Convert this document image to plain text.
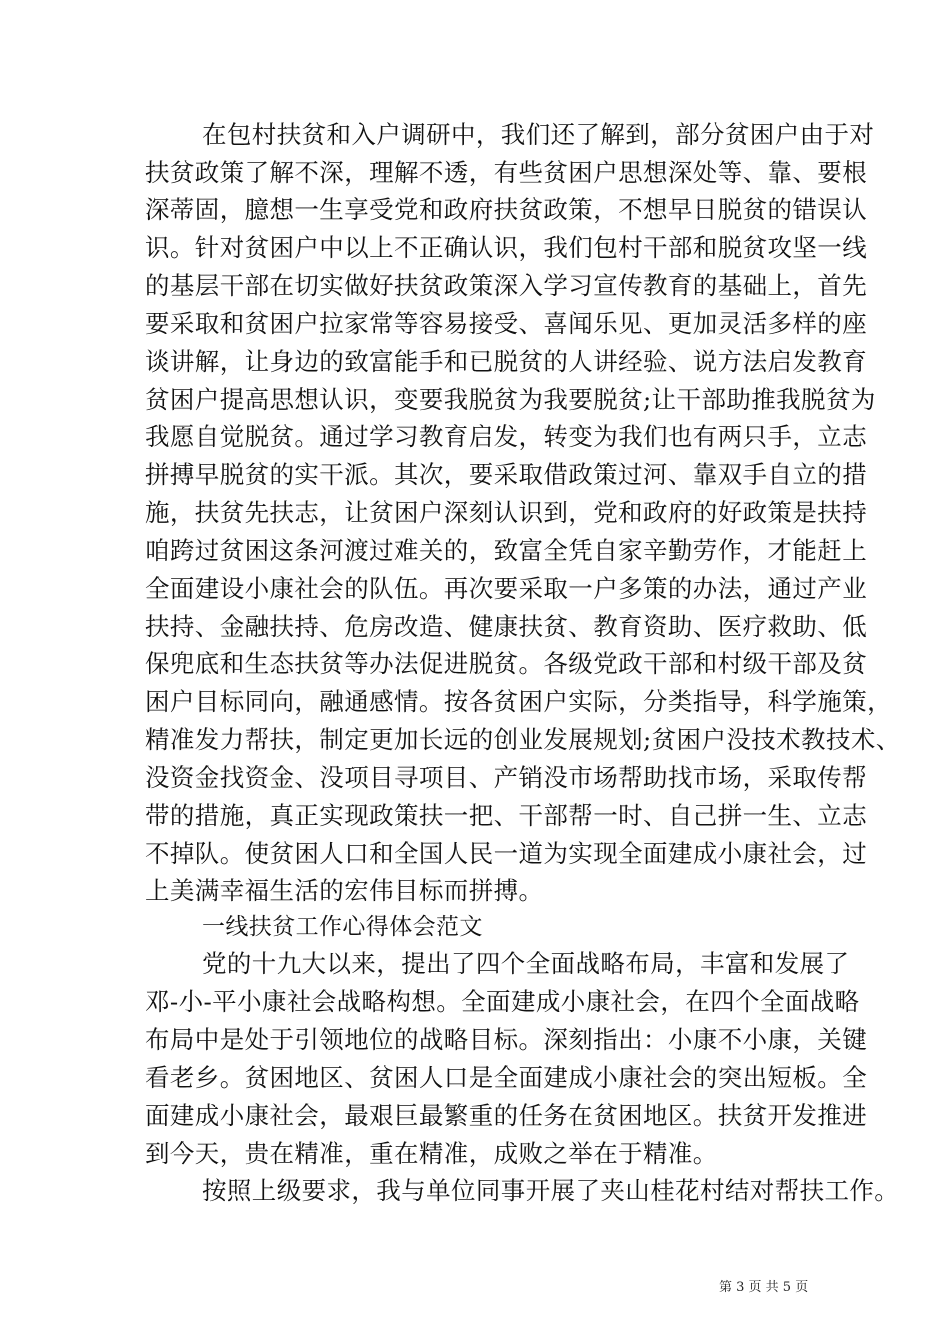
在包村扶贫和入户调研中，我们还了解到，部分贫困户由于对
扶贫政策了解不深，理解不透，有些贫困户思想深处等、靠、要根
深蒂固，臆想一生享受党和政府扶贫政策，不想早日脱贫的错误认
识。针对贫困户中以上不正确认识，我们包村干部和脱贫攻坚一线
的基层干部在切实做好扶贫政策深入学习宣传教育的基础上，首先
要采取和贫困户拉家常等容易接受、喜闻乐见、更加灵活多样的座
谈讲解，让身边的致富能手和已脱贫的人讲经验、说方法启发教育
贫困户提高思想认识，变要我脱贫为我要脱贫;让干部助推我脱贫为
我愿自觉脱贫。通过学习教育启发，转变为我们也有两只手，立志
拼搏早脱贫的实干派。其次，要采取借政策过河、靠双手自立的措
施，扶贫先扶志，让贫困户深刻认识到，党和政府的好政策是扶持
咱跨过贫困这条河渡过难关的，致富全凭自家辛勤劳作，才能赶上
全面建设小康社会的队伍。再次要采取一户多策的办法，通过产业
扶持、金融扶持、危房改造、健康扶贫、教育资助、医疗救助、低
保兜底和生态扶贫等办法促进脱贫。各级党政干部和村级干部及贫
困户目标同向，融通感情。按各贫困户实际，分类指导，科学施策，
精准发力帮扶，制定更加长远的创业发展规划;贫困户没技术教技术、
没资金找资金、没项目寻项目、产销没市场帮助找市场，采取传帮
带的措施，真正实现政策扶一把、干部帮一时、自己拼一生、立志
不掉队。使贫困人口和全国人民一道为实现全面建成小康社会，过
上美满幸福生活的宏伟目标而拼搏。
一线扶贫工作心得体会范文
党的十九大以来，提出了四个全面战略布局，丰富和发展了
邓-小-平小康社会战略构想。全面建成小康社会，在四个全面战略
布局中是处于引领地位的战略目标。深刻指出：小康不小康，关键
看老乡。贫困地区、贫困人口是全面建成小康社会的突出短板。全
面建成小康社会，最艰巨最繁重的任务在贫困地区。扶贫开发推进
到今天，贵在精准，重在精准，成败之举在于精准。
按照上级要求，我与单位同事开展了夹山桂花村结对帮扶工作。
第 3 页 共 5 页
